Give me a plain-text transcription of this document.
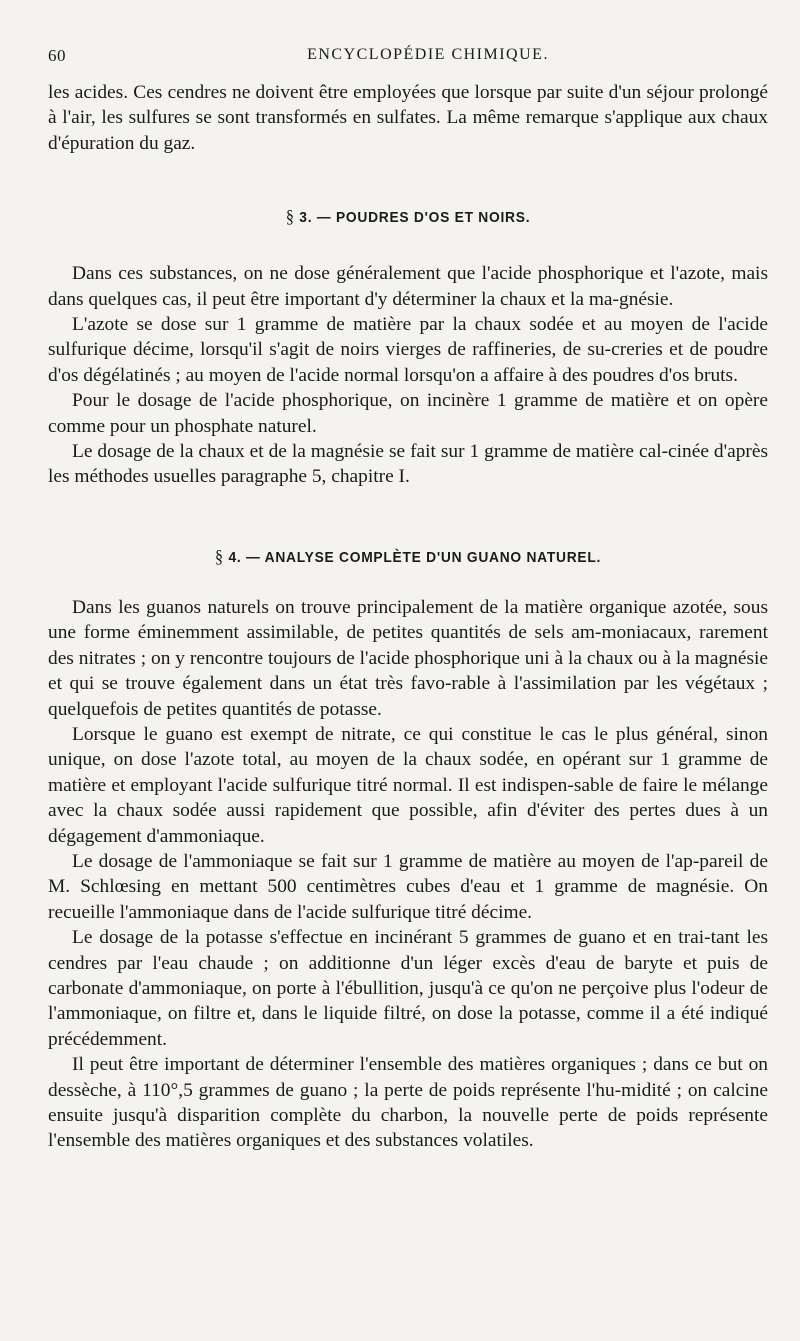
60	ENCYCLOPÉDIE CHIMIQUE.

les acides. Ces cendres ne doivent être employées que lorsque par suite d'un séjour prolongé à l'air, les sulfures se sont transformés en sulfates. La même remarque s'applique aux chaux d'épuration du gaz.

§ 3. — POUDRES D'OS ET NOIRS.

Dans ces substances, on ne dose généralement que l'acide phosphorique et l'azote, mais dans quelques cas, il peut être important d'y déterminer la chaux et la ma-gnésie.

L'azote se dose sur 1 gramme de matière par la chaux sodée et au moyen de l'acide sulfurique décime, lorsqu'il s'agit de noirs vierges de raffineries, de su-creries et de poudre d'os dégélatinés ; au moyen de l'acide normal lorsqu'on a affaire à des poudres d'os bruts.

Pour le dosage de l'acide phosphorique, on incinère 1 gramme de matière et on opère comme pour un phosphate naturel.

Le dosage de la chaux et de la magnésie se fait sur 1 gramme de matière cal-cinée d'après les méthodes usuelles paragraphe 5, chapitre I.

§ 4. — ANALYSE COMPLÈTE D'UN GUANO NATUREL.

Dans les guanos naturels on trouve principalement de la matière organique azotée, sous une forme éminemment assimilable, de petites quantités de sels am-moniacaux, rarement des nitrates ; on y rencontre toujours de l'acide phosphorique uni à la chaux ou à la magnésie et qui se trouve également dans un état très favo-rable à l'assimilation par les végétaux ; quelquefois de petites quantités de potasse.

Lorsque le guano est exempt de nitrate, ce qui constitue le cas le plus général, sinon unique, on dose l'azote total, au moyen de la chaux sodée, en opérant sur 1 gramme de matière et employant l'acide sulfurique titré normal. Il est indispen-sable de faire le mélange avec la chaux sodée aussi rapidement que possible, afin d'éviter des pertes dues à un dégagement d'ammoniaque.

Le dosage de l'ammoniaque se fait sur 1 gramme de matière au moyen de l'ap-pareil de M. Schlœsing en mettant 500 centimètres cubes d'eau et 1 gramme de magnésie. On recueille l'ammoniaque dans de l'acide sulfurique titré décime.

Le dosage de la potasse s'effectue en incinérant 5 grammes de guano et en trai-tant les cendres par l'eau chaude ; on additionne d'un léger excès d'eau de baryte et puis de carbonate d'ammoniaque, on porte à l'ébullition, jusqu'à ce qu'on ne perçoive plus l'odeur de l'ammoniaque, on filtre et, dans le liquide filtré, on dose la potasse, comme il a été indiqué précédemment.

Il peut être important de déterminer l'ensemble des matières organiques ; dans ce but on dessèche, à 110°,5 grammes de guano ; la perte de poids représente l'hu-midité ; on calcine ensuite jusqu'à disparition complète du charbon, la nouvelle perte de poids représente l'ensemble des matières organiques et des substances volatiles.
